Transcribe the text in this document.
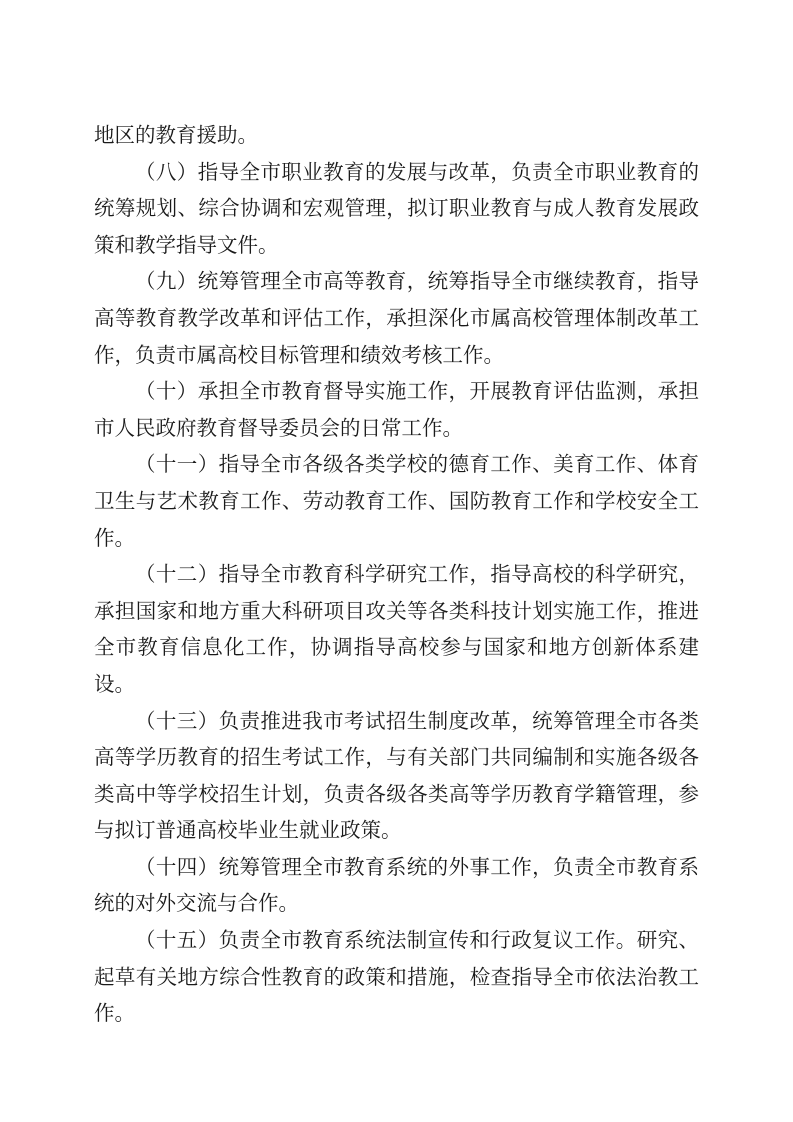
地区的教育援助。

（八）指导全市职业教育的发展与改革，负责全市职业教育的统筹规划、综合协调和宏观管理，拟订职业教育与成人教育发展政策和教学指导文件。

（九）统筹管理全市高等教育，统筹指导全市继续教育，指导高等教育教学改革和评估工作，承担深化市属高校管理体制改革工作，负责市属高校目标管理和绩效考核工作。

（十）承担全市教育督导实施工作，开展教育评估监测，承担市人民政府教育督导委员会的日常工作。

（十一）指导全市各级各类学校的德育工作、美育工作、体育卫生与艺术教育工作、劳动教育工作、国防教育工作和学校安全工作。

（十二）指导全市教育科学研究工作，指导高校的科学研究，承担国家和地方重大科研项目攻关等各类科技计划实施工作，推进全市教育信息化工作，协调指导高校参与国家和地方创新体系建设。

（十三）负责推进我市考试招生制度改革，统筹管理全市各类高等学历教育的招生考试工作，与有关部门共同编制和实施各级各类高中等学校招生计划，负责各级各类高等学历教育学籍管理，参与拟订普通高校毕业生就业政策。

（十四）统筹管理全市教育系统的外事工作，负责全市教育系统的对外交流与合作。

（十五）负责全市教育系统法制宣传和行政复议工作。研究、起草有关地方综合性教育的政策和措施，检查指导全市依法治教工作。
